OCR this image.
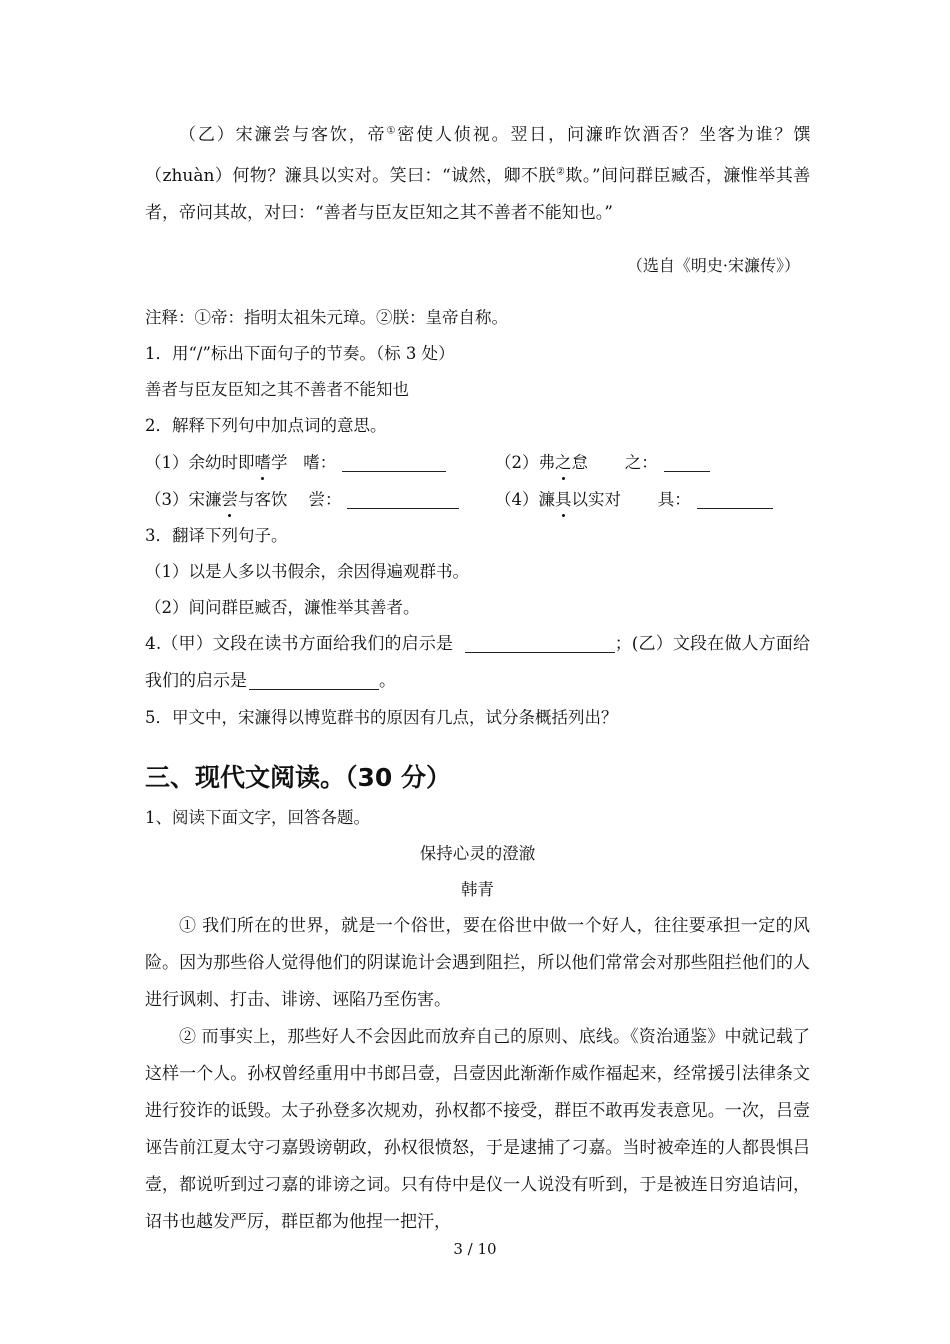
（乙）宋濂尝与客饮，帝①密使人侦视。翌日，问濂昨饮酒否？坐客为谁？馔（zhuàn）何物？濂具以实对。笑曰：“诚然，卿不朕②欺。”间问群臣臧否，濂惟举其善者，帝问其故，对曰：“善者与臣友臣知之其不善者不能知也。”

（选自《明史·宋濂传》）

注释：①帝：指明太祖朱元璋。②朕：皇帝自称。

1．用“/”标出下面句子的节奏。（标 3 处）

善者与臣友臣知之其不善者不能知也

2．解释下列句中加点词的意思。

（1）余幼时即嗜学 嗜：	（2）弗之怠 之：
（3）宋濂尝与客饮 尝：	（4）濂具以实对 具：

3．翻译下列句子。

（1）以是人多以书假余，余因得遍观群书。

（2）间问群臣臧否，濂惟举其善者。

4.（甲）文段在读书方面给我们的启示是	；(乙）文段在做人方面给我们的启示是	。

5．甲文中，宋濂得以博览群书的原因有几点，试分条概括列出？

三、现代文阅读。（30 分）

1、阅读下面文字，回答各题。

保持心灵的澄澈

韩青

① 我们所在的世界，就是一个俗世，要在俗世中做一个好人，往往要承担一定的风险。因为那些俗人觉得他们的阴谋诡计会遇到阻拦，所以他们常常会对那些阻拦他们的人进行讽刺、打击、诽谤、诬陷乃至伤害。

② 而事实上，那些好人不会因此而放弃自己的原则、底线。《资治通鉴》中就记载了这样一个人。孙权曾经重用中书郎吕壹，吕壹因此渐渐作威作福起来，经常援引法律条文进行狡诈的诋毁。太子孙登多次规劝，孙权都不接受，群臣不敢再发表意见。一次，吕壹诬告前江夏太守刁嘉毁谤朝政，孙权很愤怒，于是逮捕了刁嘉。当时被牵连的人都畏惧吕壹，都说听到过刁嘉的诽谤之词。只有侍中是仪一人说没有听到，于是被连日穷追诘问，诏书也越发严厉，群臣都为他捏一把汗，

3 / 10
